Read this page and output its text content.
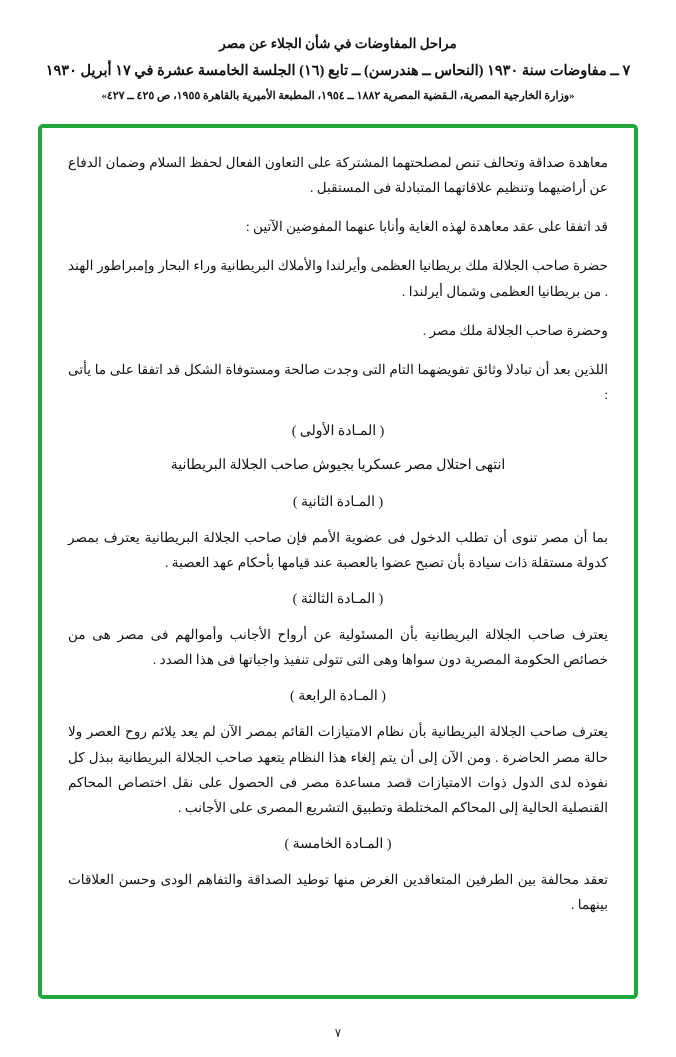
مراحل المفاوضات في شأن الجلاء عن مصر
٧ ــ مفاوضات سنة ١٩٣٠ (النحاس ــ هندرسن) ــ تابع (١٦) الجلسة الخامسة عشرة في ١٧ أبريل ١٩٣٠
«وزارة الخارجية المصرية، الـقضية المصرية ١٨٨٢ ــ ١٩٥٤، المطبعة الأميرية بالقاهرة ١٩٥٥، ص ٤٢٥ ــ ٤٢٧»

معاهدة صداقة وتحالف تنص لمصلحتهما المشتركة على التعاون الفعال لحفظ السلام وضمان الدفاع عن أراضيهما وتنظيم علاقاتهما المتبادلة فى المستقبل .

قد اتفقا على عقد معاهدة لهذه الغاية وأنابا عنهما المفوضين الآتين :

حضرة صاحب الجلالة ملك بريطانيا العظمى وأيرلندا والأملاك البريطانية وراء البحار وإمبراطور الهند . من بريطانيا العظمى وشمال أيرلندا .

وحضرة صاحب الجلالة ملك مصر .

اللذين بعد أن تبادلا وثائق تفويضهما التام التى وجدت صالحة ومستوفاة الشكل قد اتفقا على ما يأتى :

( المـادة الأولى )

انتهى احتلال مصر عسكريا بجيوش صاحب الجلالة البريطانية

( المـادة الثانية )

بما أن مصر تنوى أن تطلب الدخول فى عضوية الأمم فإن صاحب الجلالة البريطانية يعترف بمصر كدولة مستقلة ذات سيادة بأن تصبح عضوا بالعصبة عند قيامها بأحكام عهد العصبة .

( المـادة الثالثة )

يعترف صاحب الجلالة البريطانية بأن المسئولية عن أرواح الأجانب وأموالهم فى مصر هى من خصائص الحكومة المصرية دون سواها وهى التى تتولى تنفيذ واجباتها فى هذا الصدد .

( المـادة الرابعة )

يعترف صاحب الجلالة البريطانية بأن نظام الامتيازات القائم بمصر الآن لم يعد يلائم روح العصر ولا حالة مصر الحاضرة . ومن الآن إلى أن يتم إلغاء هذا النظام يتعهد صاحب الجلالة البريطانية ببذل كل نفوذه لدى الدول ذوات الامتيازات قصد مساعدة مصر فى الحصول على نقل اختصاص المحاكم القنصلية الحالية إلى المحاكم المختلطة وتطبيق التشريع المصرى على الأجانب .

( المـادة الخامسة )

تعقد محالفة بين الطرفين المتعاقدين الغرض منها توطيد الصداقة والتفاهم الودى وحسن العلاقات بينهما .

٧
